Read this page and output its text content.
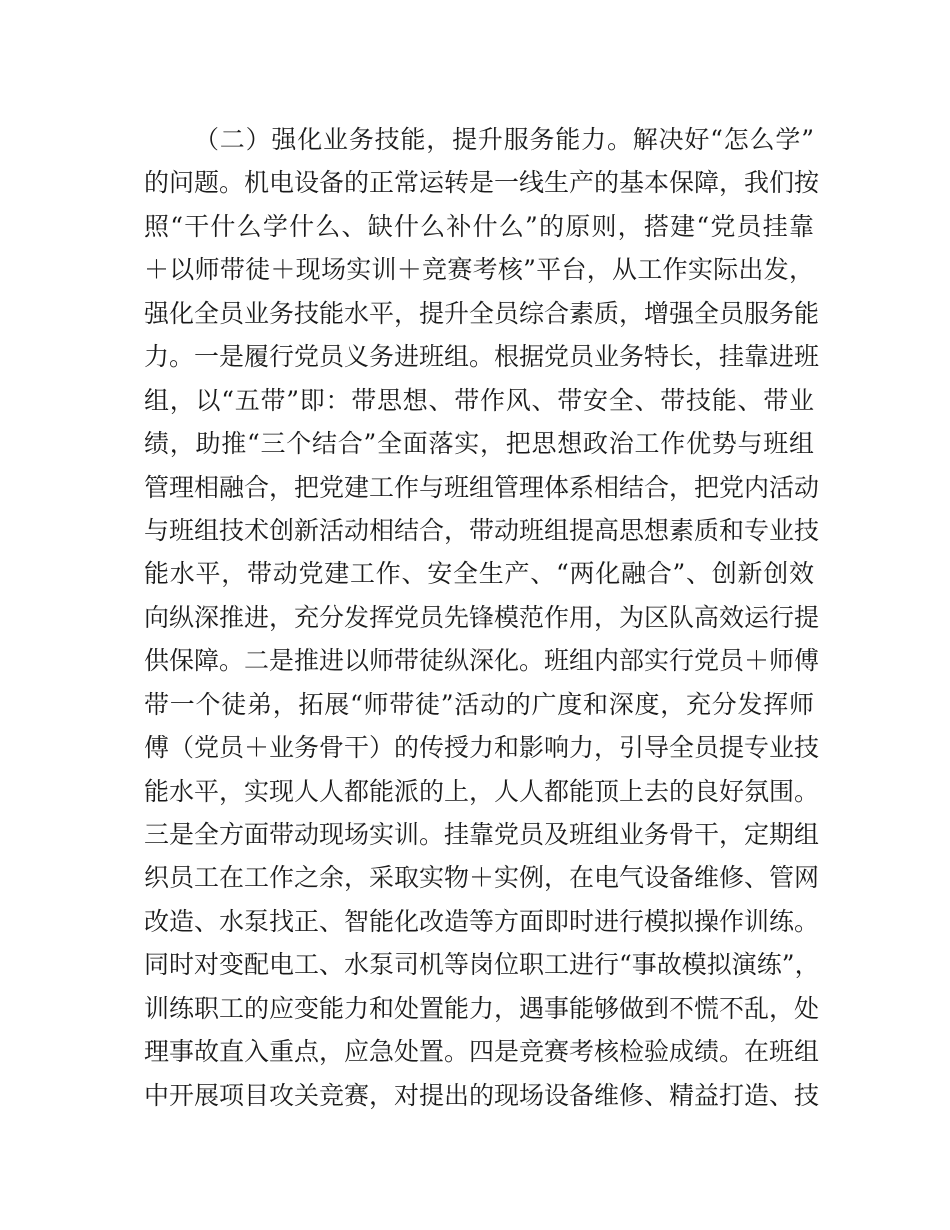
（二）强化业务技能，提升服务能力。解决好“怎么学”
的问题。机电设备的正常运转是一线生产的基本保障，我们按
照“干什么学什么、缺什么补什么”的原则，搭建“党员挂靠
＋以师带徒＋现场实训＋竞赛考核”平台，从工作实际出发，
强化全员业务技能水平，提升全员综合素质，增强全员服务能
力。一是履行党员义务进班组。根据党员业务特长，挂靠进班
组，以“五带”即：带思想、带作风、带安全、带技能、带业
绩，助推“三个结合”全面落实，把思想政治工作优势与班组
管理相融合，把党建工作与班组管理体系相结合，把党内活动
与班组技术创新活动相结合，带动班组提高思想素质和专业技
能水平，带动党建工作、安全生产、“两化融合”、创新创效
向纵深推进，充分发挥党员先锋模范作用，为区队高效运行提
供保障。二是推进以师带徒纵深化。班组内部实行党员＋师傅
带一个徒弟，拓展“师带徒”活动的广度和深度，充分发挥师
傅（党员＋业务骨干）的传授力和影响力，引导全员提专业技
能水平，实现人人都能派的上，人人都能顶上去的良好氛围。
三是全方面带动现场实训。挂靠党员及班组业务骨干，定期组
织员工在工作之余，采取实物＋实例，在电气设备维修、管网
改造、水泵找正、智能化改造等方面即时进行模拟操作训练。
同时对变配电工、水泵司机等岗位职工进行“事故模拟演练”，
训练职工的应变能力和处置能力，遇事能够做到不慌不乱，处
理事故直入重点，应急处置。四是竞赛考核检验成绩。在班组
中开展项目攻关竞赛，对提出的现场设备维修、精益打造、技
